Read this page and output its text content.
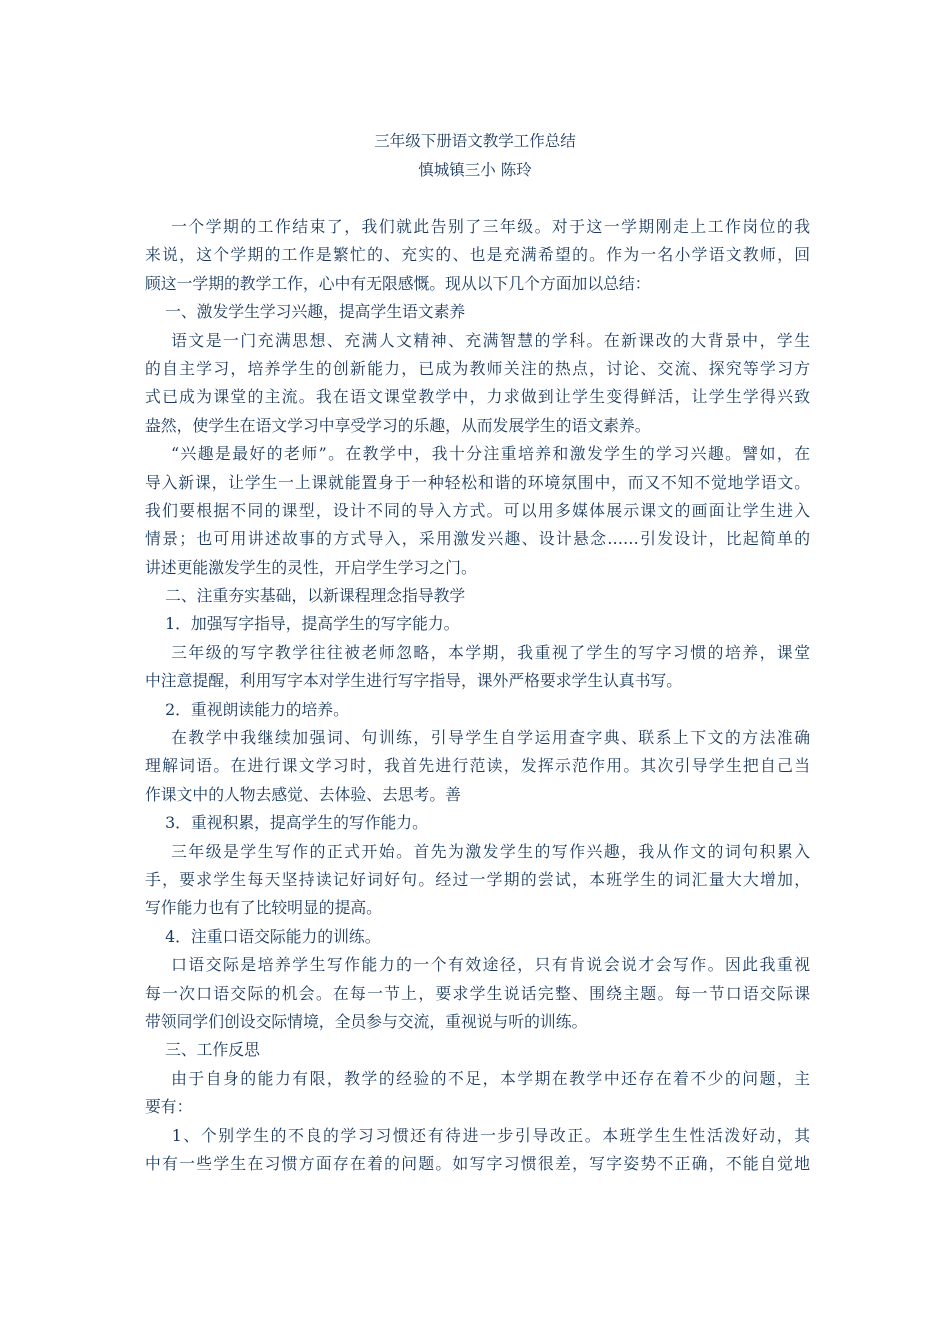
三年级下册语文教学工作总结
慎城镇三小 陈玲
一个学期的工作结束了，我们就此告别了三年级。对于这一学期刚走上工作岗位的我
来说，这个学期的工作是繁忙的、充实的、也是充满希望的。作为一名小学语文教师，回
顾这一学期的教学工作，心中有无限感慨。现从以下几个方面加以总结：
一、激发学生学习兴趣，提高学生语文素养
语文是一门充满思想、充满人文精神、充满智慧的学科。在新课改的大背景中，学生
的自主学习，培养学生的创新能力，已成为教师关注的热点，讨论、交流、探究等学习方
式已成为课堂的主流。我在语文课堂教学中，力求做到让学生变得鲜活，让学生学得兴致
盎然，使学生在语文学习中享受学习的乐趣，从而发展学生的语文素养。
“兴趣是最好的老师”。在教学中，我十分注重培养和激发学生的学习兴趣。譬如，在
导入新课，让学生一上课就能置身于一种轻松和谐的环境氛围中，而又不知不觉地学语文。
我们要根据不同的课型，设计不同的导入方式。可以用多媒体展示课文的画面让学生进入
情景；也可用讲述故事的方式导入，采用激发兴趣、设计悬念……引发设计，比起简单的
讲述更能激发学生的灵性，开启学生学习之门。
二、注重夯实基础，以新课程理念指导教学
1．加强写字指导，提高学生的写字能力。
三年级的写字教学往往被老师忽略，本学期，我重视了学生的写字习惯的培养，课堂
中注意提醒，利用写字本对学生进行写字指导，课外严格要求学生认真书写。
2．重视朗读能力的培养。
在教学中我继续加强词、句训练，引导学生自学运用查字典、联系上下文的方法准确
理解词语。在进行课文学习时，我首先进行范读，发挥示范作用。其次引导学生把自己当
作课文中的人物去感觉、去体验、去思考。善
3．重视积累，提高学生的写作能力。
三年级是学生写作的正式开始。首先为激发学生的写作兴趣，我从作文的词句积累入
手，要求学生每天坚持读记好词好句。经过一学期的尝试，本班学生的词汇量大大增加，
写作能力也有了比较明显的提高。
4．注重口语交际能力的训练。
口语交际是培养学生写作能力的一个有效途径，只有肯说会说才会写作。因此我重视
每一次口语交际的机会。在每一节上，要求学生说话完整、围绕主题。每一节口语交际课
带领同学们创设交际情境，全员参与交流，重视说与听的训练。
三、工作反思
由于自身的能力有限，教学的经验的不足，本学期在教学中还存在着不少的问题，主
要有：
1、个别学生的不良的学习习惯还有待进一步引导改正。本班学生生性活泼好动，其
中有一些学生在习惯方面存在着的问题。如写字习惯很差，写字姿势不正确，不能自觉地
